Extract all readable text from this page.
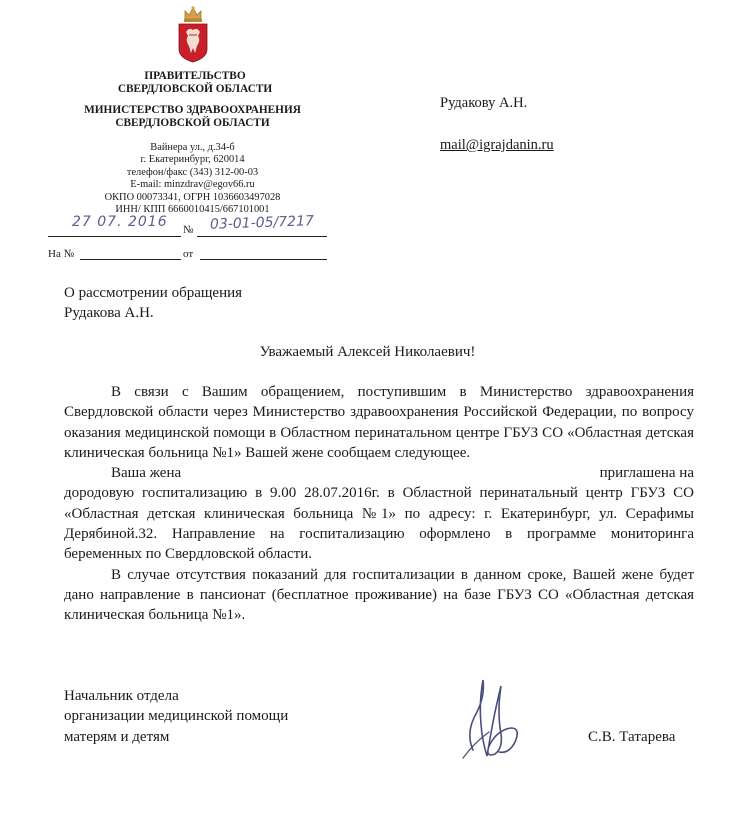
ПРАВИТЕЛЬСТВО
СВЕРДЛОВСКОЙ ОБЛАСТИ
МИНИСТЕРСТВО ЗДРАВООХРАНЕНИЯ
СВЕРДЛОВСКОЙ ОБЛАСТИ
Вайнера ул., д.34-б
г. Екатеринбург, 620014
телефон/факс (343) 312-00-03
E-mail: minzdrav@egov66.ru
ОКПО 00073341, ОГРН 1036603497028
ИНН/ КПП 6660010415/667101001
27 07. 2016 № 03-01-05/7217
На №	от
Рудакову А.Н.
mail@igrajdanin.ru
О рассмотрении обращения
Рудакова А.Н.
Уважаемый Алексей Николаевич!

В связи с Вашим обращением, поступившим в Министерство здравоохранения Свердловской области через Министерство здравоохранения Российской Федерации, по вопросу оказания медицинской помощи в Областном перинатальном центре ГБУЗ СО «Областная детская клиническая больница №1» Вашей жене сообщаем следующее.

Ваша жена	приглашена на

дородовую госпитализацию в 9.00 28.07.2016г. в Областной перинатальный центр ГБУЗ СО «Областная детская клиническая больница №1» по адресу: г. Екатеринбург, ул. Серафимы Дерябиной.32. Направление на госпитализацию оформлено в программе мониторинга беременных по Свердловской области.

В случае отсутствия показаний для госпитализации в данном сроке, Вашей жене будет дано направление в пансионат (бесплатное проживание) на базе ГБУЗ СО «Областная детская клиническая больница №1».

Начальник отдела
организации медицинской помощи
матерям и детям	С.В. Татарева
